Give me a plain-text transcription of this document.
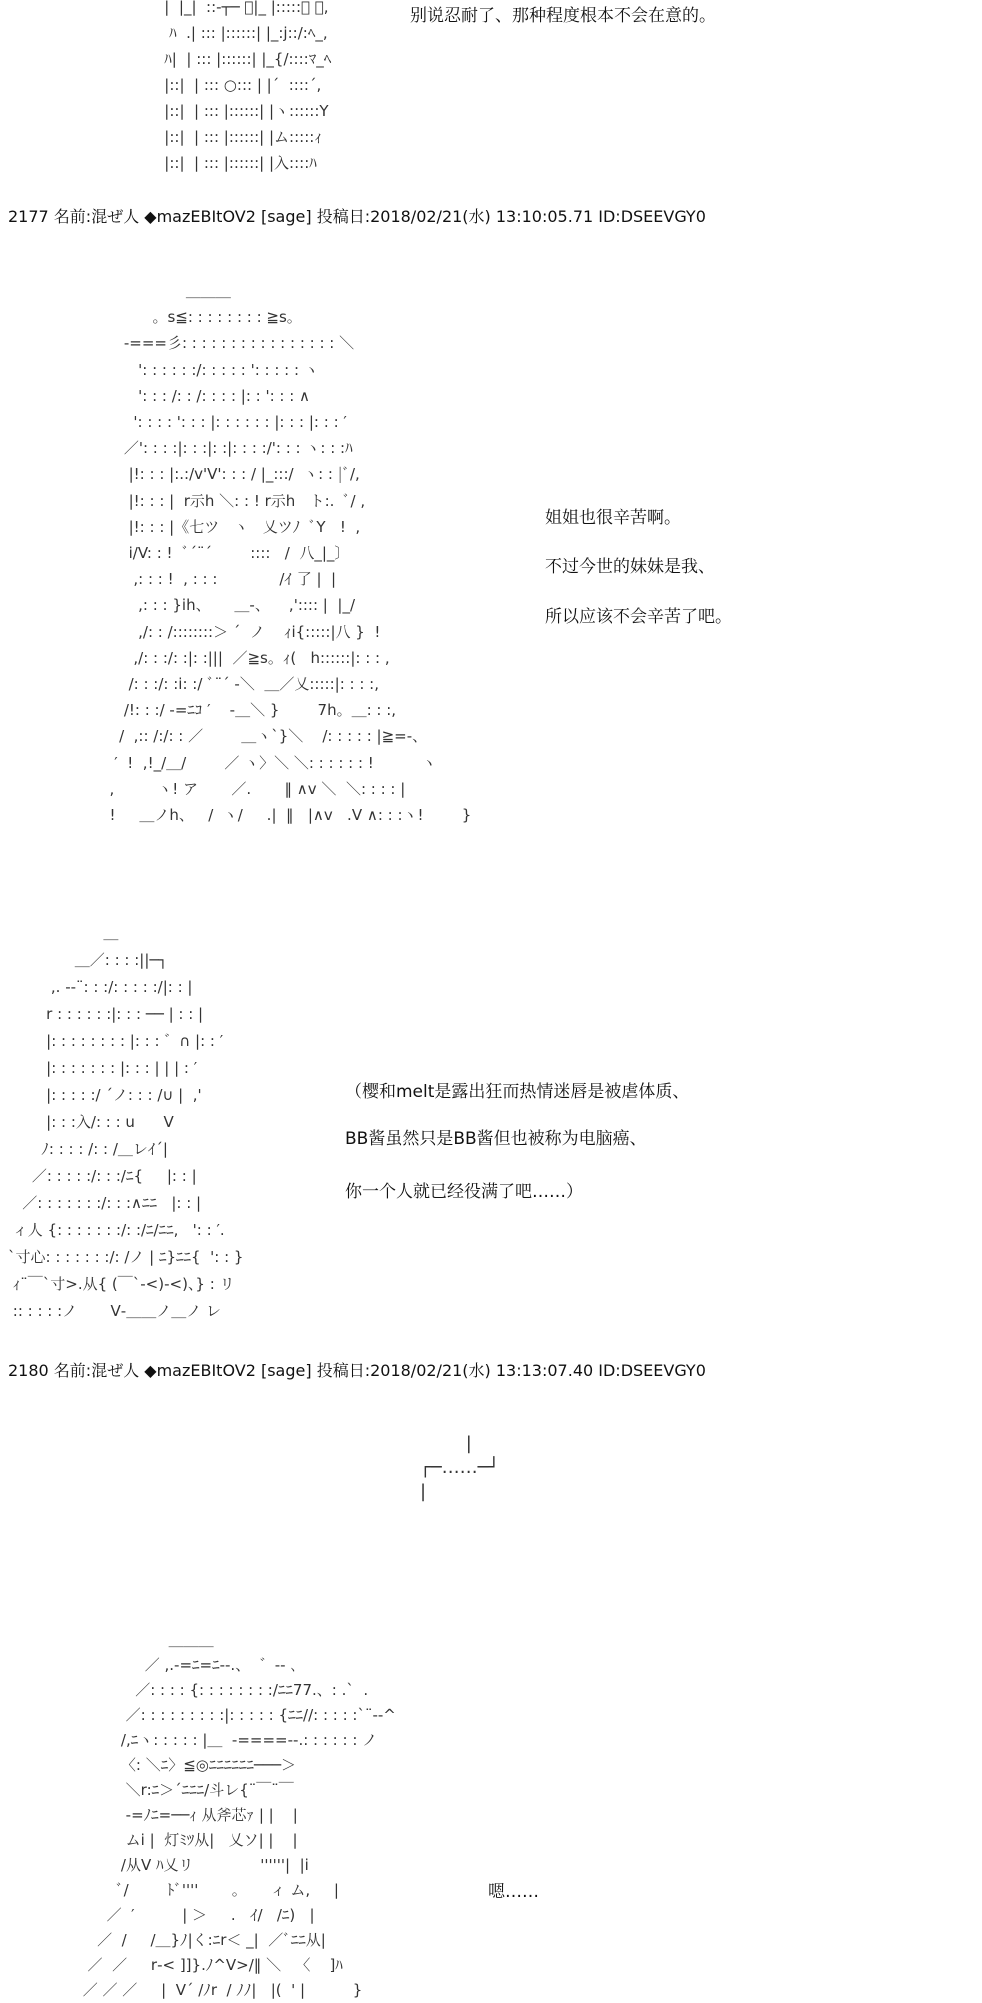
|  |_|  ::‐┬─ ﾟ|_ |:::::〉 ﾞ,
ﾊ  .| ::: |::::::| |_:j::/:ﾍ_,
ﾊ|  | ::: |::::::| |_{/::::ﾏ_ﾍ
|::|  | ::: ○::: | |´  ::::´,
|::|  | ::: |::::::| |ヽ::::::Y
|::|  | ::: |::::::| |ム:::::ｨ
|::|  | ::: |::::::| |入::::ﾊ
别说忍耐了、那种程度根本不会在意的。
2177 名前:混ぜ人 ◆mazEBItOV2 [sage] 投稿日:2018/02/21(水) 13:10:05.71 ID:DSEEVGY0
＿＿＿
。s≦: : : : : : : : ≧s。
-===彡: : : : : : : : : : : : : : : : ＼
': : : : : :/: : : : : ': : : : : ヽ
': : : /: : /: : : : |: : ': : : ∧
': : : : ': : : |: : : : : : |: : : |: : : ′
／': : : :|: : :|: :|: : : :/': : : ヽ: : :ﾊ
|!: : : |:.:/v'V': : : / |_:::/  ヽ: : |ﾞ/,
|!: : : |  r示h ＼: : ! r示h   ト:.  ﾞ/ ,
|!: : : |《七ツ   ヽ   乂ツﾉ  ﾞY   !  ,
i/V: : !  ﾞ´¨´        ::::   /  八_|_〕
,: : : !  , : : :             /ｲ 了 |  |
,: : : }ih、     ＿‐、    ,':::: |  |_/
,/: : /::::::::＞ ´  ノ    ｨi{:::::|八 }  !
,/: : :/: :|: :|||  ／≧s。ｨ(   h::::::|: : : ,
/: : :/: :i: :/ ﾞ¨´ ‐＼  ＿／乂:::::|: : : :,
/!: : :/ ‐=ﾆｺ ′    ‐＿＼ }        7h。＿: : :,
/  ,:: /:/: : ／        ＿ヽ`}＼    /: : : : : |≧=-、
′  !  ,!_/＿/        ／ ヽ〉＼ ＼: : : : : : !          ヽ
,         ヽ! ア       ／.       ‖ ∧v ＼  ＼: : : : |
!     ＿ノh、   /  ヽ/     .|  ‖   |∧v   .V ∧: : :ヽ!        }
姐姐也很辛苦啊。
不过今世的妹妹是我、
所以应该不会辛苦了吧。
＿
＿／: : : :||─┐
,. -‐¨: : :/: : : : :/|: : |
r : : : : : :|: : : ── | : : |
|: : : : : : : : |: : : ゛∩ |: : ′
|: : : : : : : |: : : | | | : ′
|: : : : :/ ´ノ: : : /∪ |  ,'
|: : :入/: : : u      V
ﾉ: : : : /: : /＿レｲ´|
／: : : : :/: : :/ﾆ{     |: : |
／: : : : : : :/: : :∧ﾆﾆ   |: : |
ィ人 {: : : : : : :/: :/ﾆ/ﾆﾆ,   ': : ′.
`寸心: : : : : : :/: /ノ | ﾆ}ﾆﾆ{  ': : }
ｨ¨￣`寸>.从{ (￣`‐<)‐<)、} : リ
:: : : : :ノ       V‐＿＿ノ＿ノ レ
（樱和melt是露出狂而热情迷唇是被虐体质、
BB酱虽然只是BB酱但也被称为电脑癌、
你一个人就已经役满了吧……）
2180 名前:混ぜ人 ◆mazEBItOV2 [sage] 投稿日:2018/02/21(水) 13:13:07.40 ID:DSEEVGY0
|
┌─……─┘
|
＿＿＿
／ ,.-=ﾆ=ﾆ-‐.、  ゛‐‐ ､
／: : : : {: : : : : : : :/ﾆﾆ77.、: .`  .
／: : : : : : : : :|: : : : : {ﾆﾆ//: : : : :`¨‐-^
/,ﾆヽ: : : : : |＿  -====‐-.: : : : : : ノ
〈: ＼ﾆ〉≦◎ﾆﾆﾆﾆﾆﾆ───＞
＼r:ﾆ＞´ﾆﾆﾆ/斗レ{¨￣¨￣
-=ﾉﾆ=──ｨ 从斧芯ｧ | |    |
ムi |  灯ﾐﾂ从|   乂ソ| |    |
/从V ﾊ乂リ              ''''''|  |i
ﾞ/        ﾄﾞ''''       。     ィ ム,     |
／  ′          | ＞     .   ｲ/   /ﾆ)   |
／  /     /＿}ﾉ|く:ﾆr＜ _|  ／ﾞﾆﾆ从|
／  ／     r‐< ]]}.ﾉ^V>/‖ ＼   〈    ]ﾊ
／ ／ ／     |  V´ /ﾉr  / ﾉﾉ|   |(  ' |          }
嗯……
